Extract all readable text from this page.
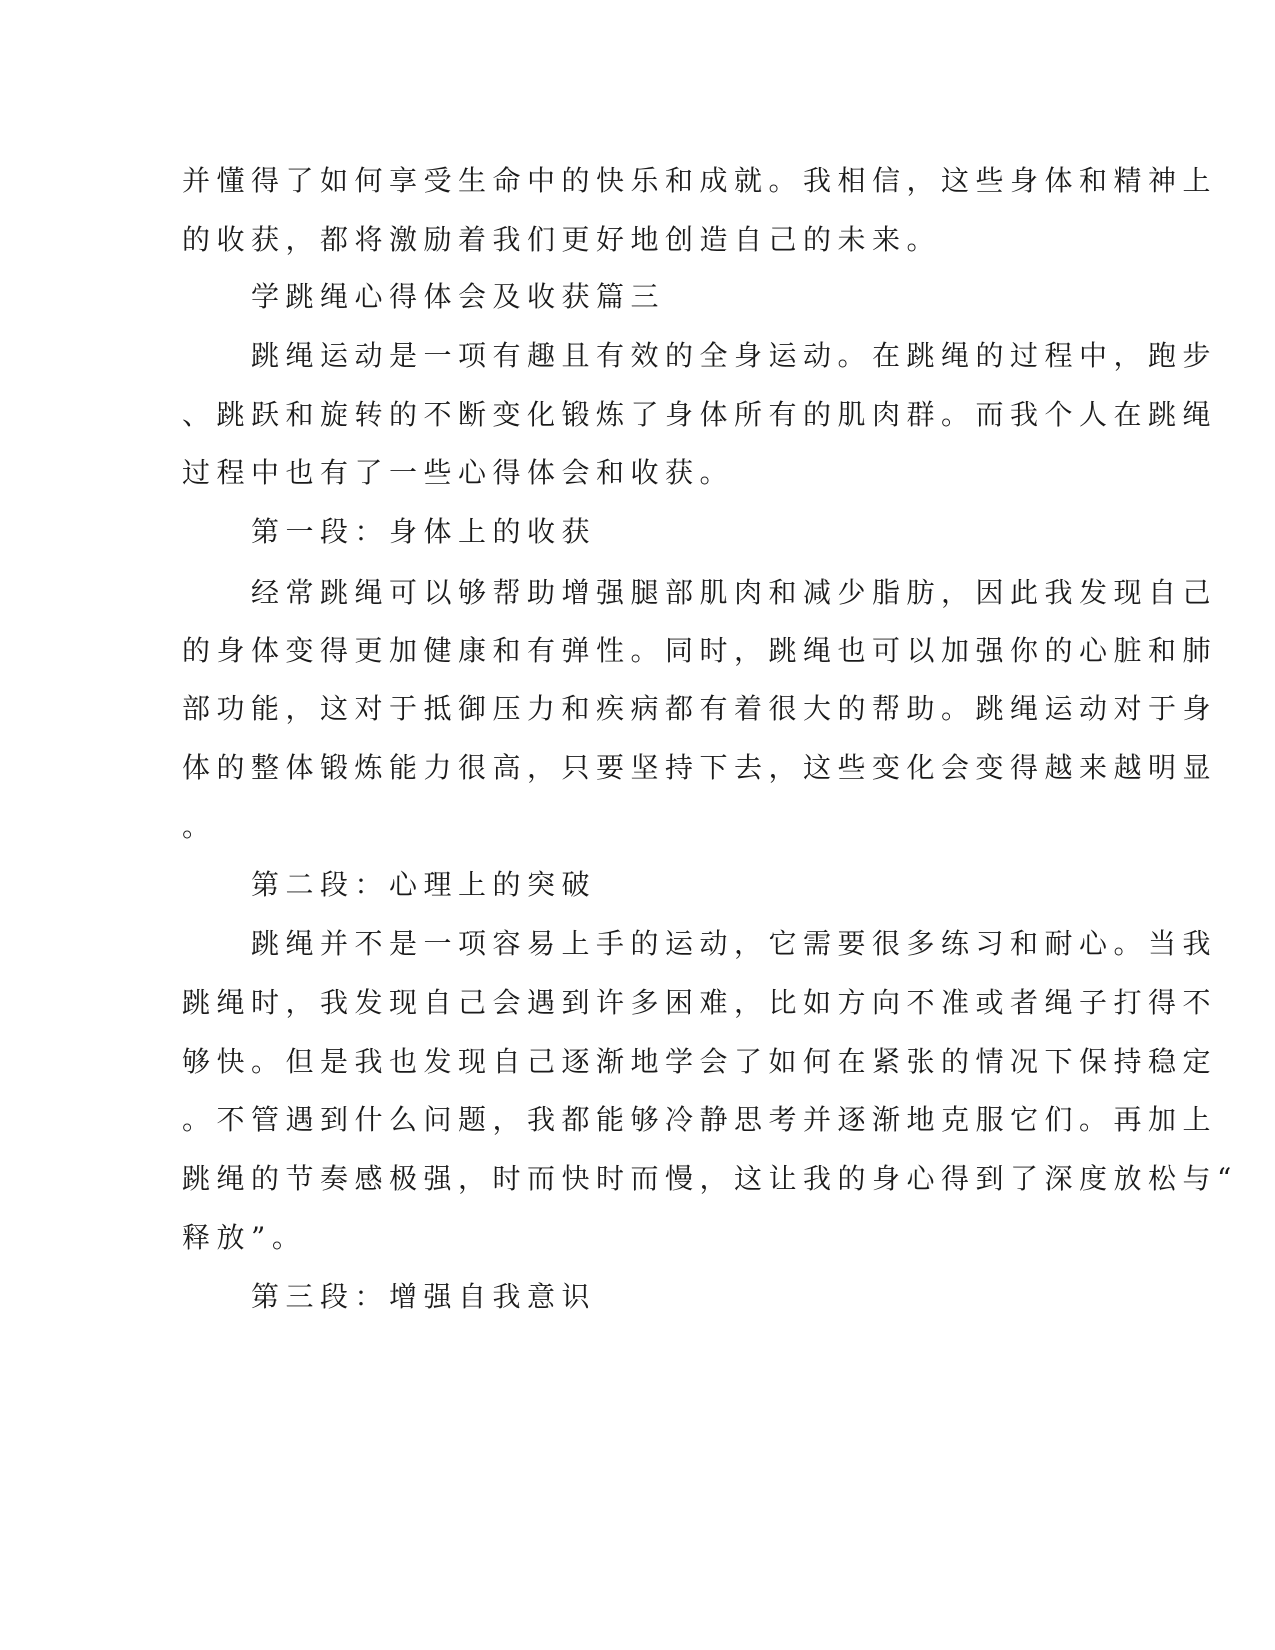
并懂得了如何享受生命中的快乐和成就。我相信，这些身体和精神上

的收获，都将激励着我们更好地创造自己的未来。

学跳绳心得体会及收获篇三

跳绳运动是一项有趣且有效的全身运动。在跳绳的过程中，跑步

、跳跃和旋转的不断变化锻炼了身体所有的肌肉群。而我个人在跳绳

过程中也有了一些心得体会和收获。

第一段：身体上的收获

经常跳绳可以够帮助增强腿部肌肉和减少脂肪，因此我发现自己

的身体变得更加健康和有弹性。同时，跳绳也可以加强你的心脏和肺

部功能，这对于抵御压力和疾病都有着很大的帮助。跳绳运动对于身

体的整体锻炼能力很高，只要坚持下去，这些变化会变得越来越明显

。

第二段：心理上的突破

跳绳并不是一项容易上手的运动，它需要很多练习和耐心。当我

跳绳时，我发现自己会遇到许多困难，比如方向不准或者绳子打得不

够快。但是我也发现自己逐渐地学会了如何在紧张的情况下保持稳定

。不管遇到什么问题，我都能够冷静思考并逐渐地克服它们。再加上

跳绳的节奏感极强，时而快时而慢，这让我的身心得到了深度放松与“

释放”。

第三段：增强自我意识
